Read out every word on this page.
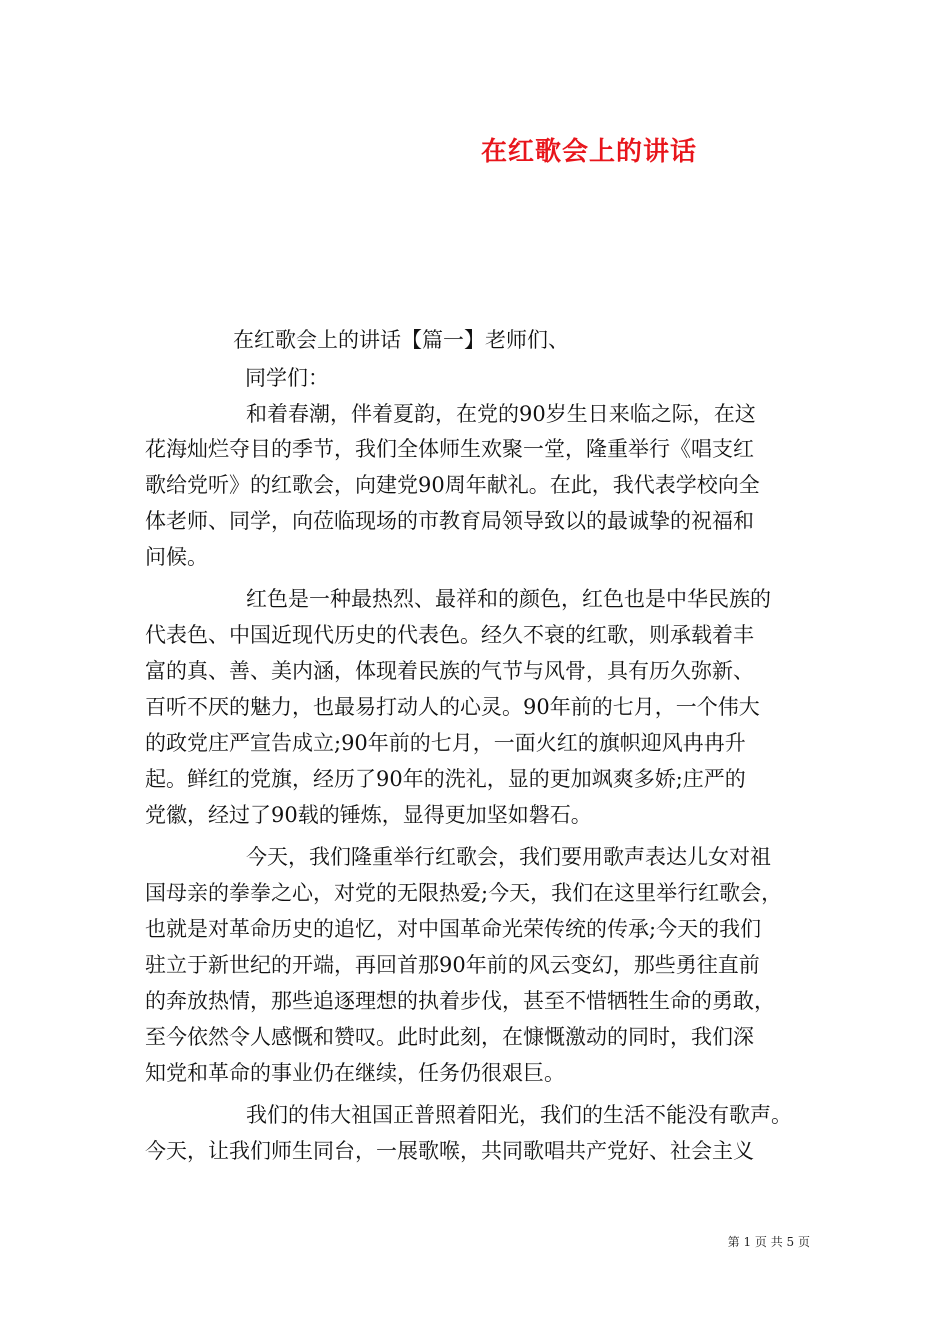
在红歌会上的讲话
在红歌会上的讲话【篇一】老师们、
同学们：
和着春潮，伴着夏韵，在党的90岁生日来临之际，在这
花海灿烂夺目的季节，我们全体师生欢聚一堂，隆重举行《唱支红
歌给党听》的红歌会，向建党90周年献礼。在此，我代表学校向全
体老师、同学，向莅临现场的市教育局领导致以的最诚挚的祝福和
问候。
红色是一种最热烈、最祥和的颜色，红色也是中华民族的
代表色、中国近现代历史的代表色。经久不衰的红歌，则承载着丰
富的真、善、美内涵，体现着民族的气节与风骨，具有历久弥新、
百听不厌的魅力，也最易打动人的心灵。90年前的七月，一个伟大
的政党庄严宣告成立;90年前的七月，一面火红的旗帜迎风冉冉升
起。鲜红的党旗，经历了90年的洗礼，显的更加飒爽多娇;庄严的
党徽，经过了90载的锤炼，显得更加坚如磐石。
今天，我们隆重举行红歌会，我们要用歌声表达儿女对祖
国母亲的拳拳之心，对党的无限热爱;今天，我们在这里举行红歌会，
也就是对革命历史的追忆，对中国革命光荣传统的传承;今天的我们
驻立于新世纪的开端，再回首那90年前的风云变幻，那些勇往直前
的奔放热情，那些追逐理想的执着步伐，甚至不惜牺牲生命的勇敢，
至今依然令人感慨和赞叹。此时此刻，在慷慨激动的同时，我们深
知党和革命的事业仍在继续，任务仍很艰巨。
我们的伟大祖国正普照着阳光，我们的生活不能没有歌声。
今天，让我们师生同台，一展歌喉，共同歌唱共产党好、社会主义
第 1 页 共 5 页
